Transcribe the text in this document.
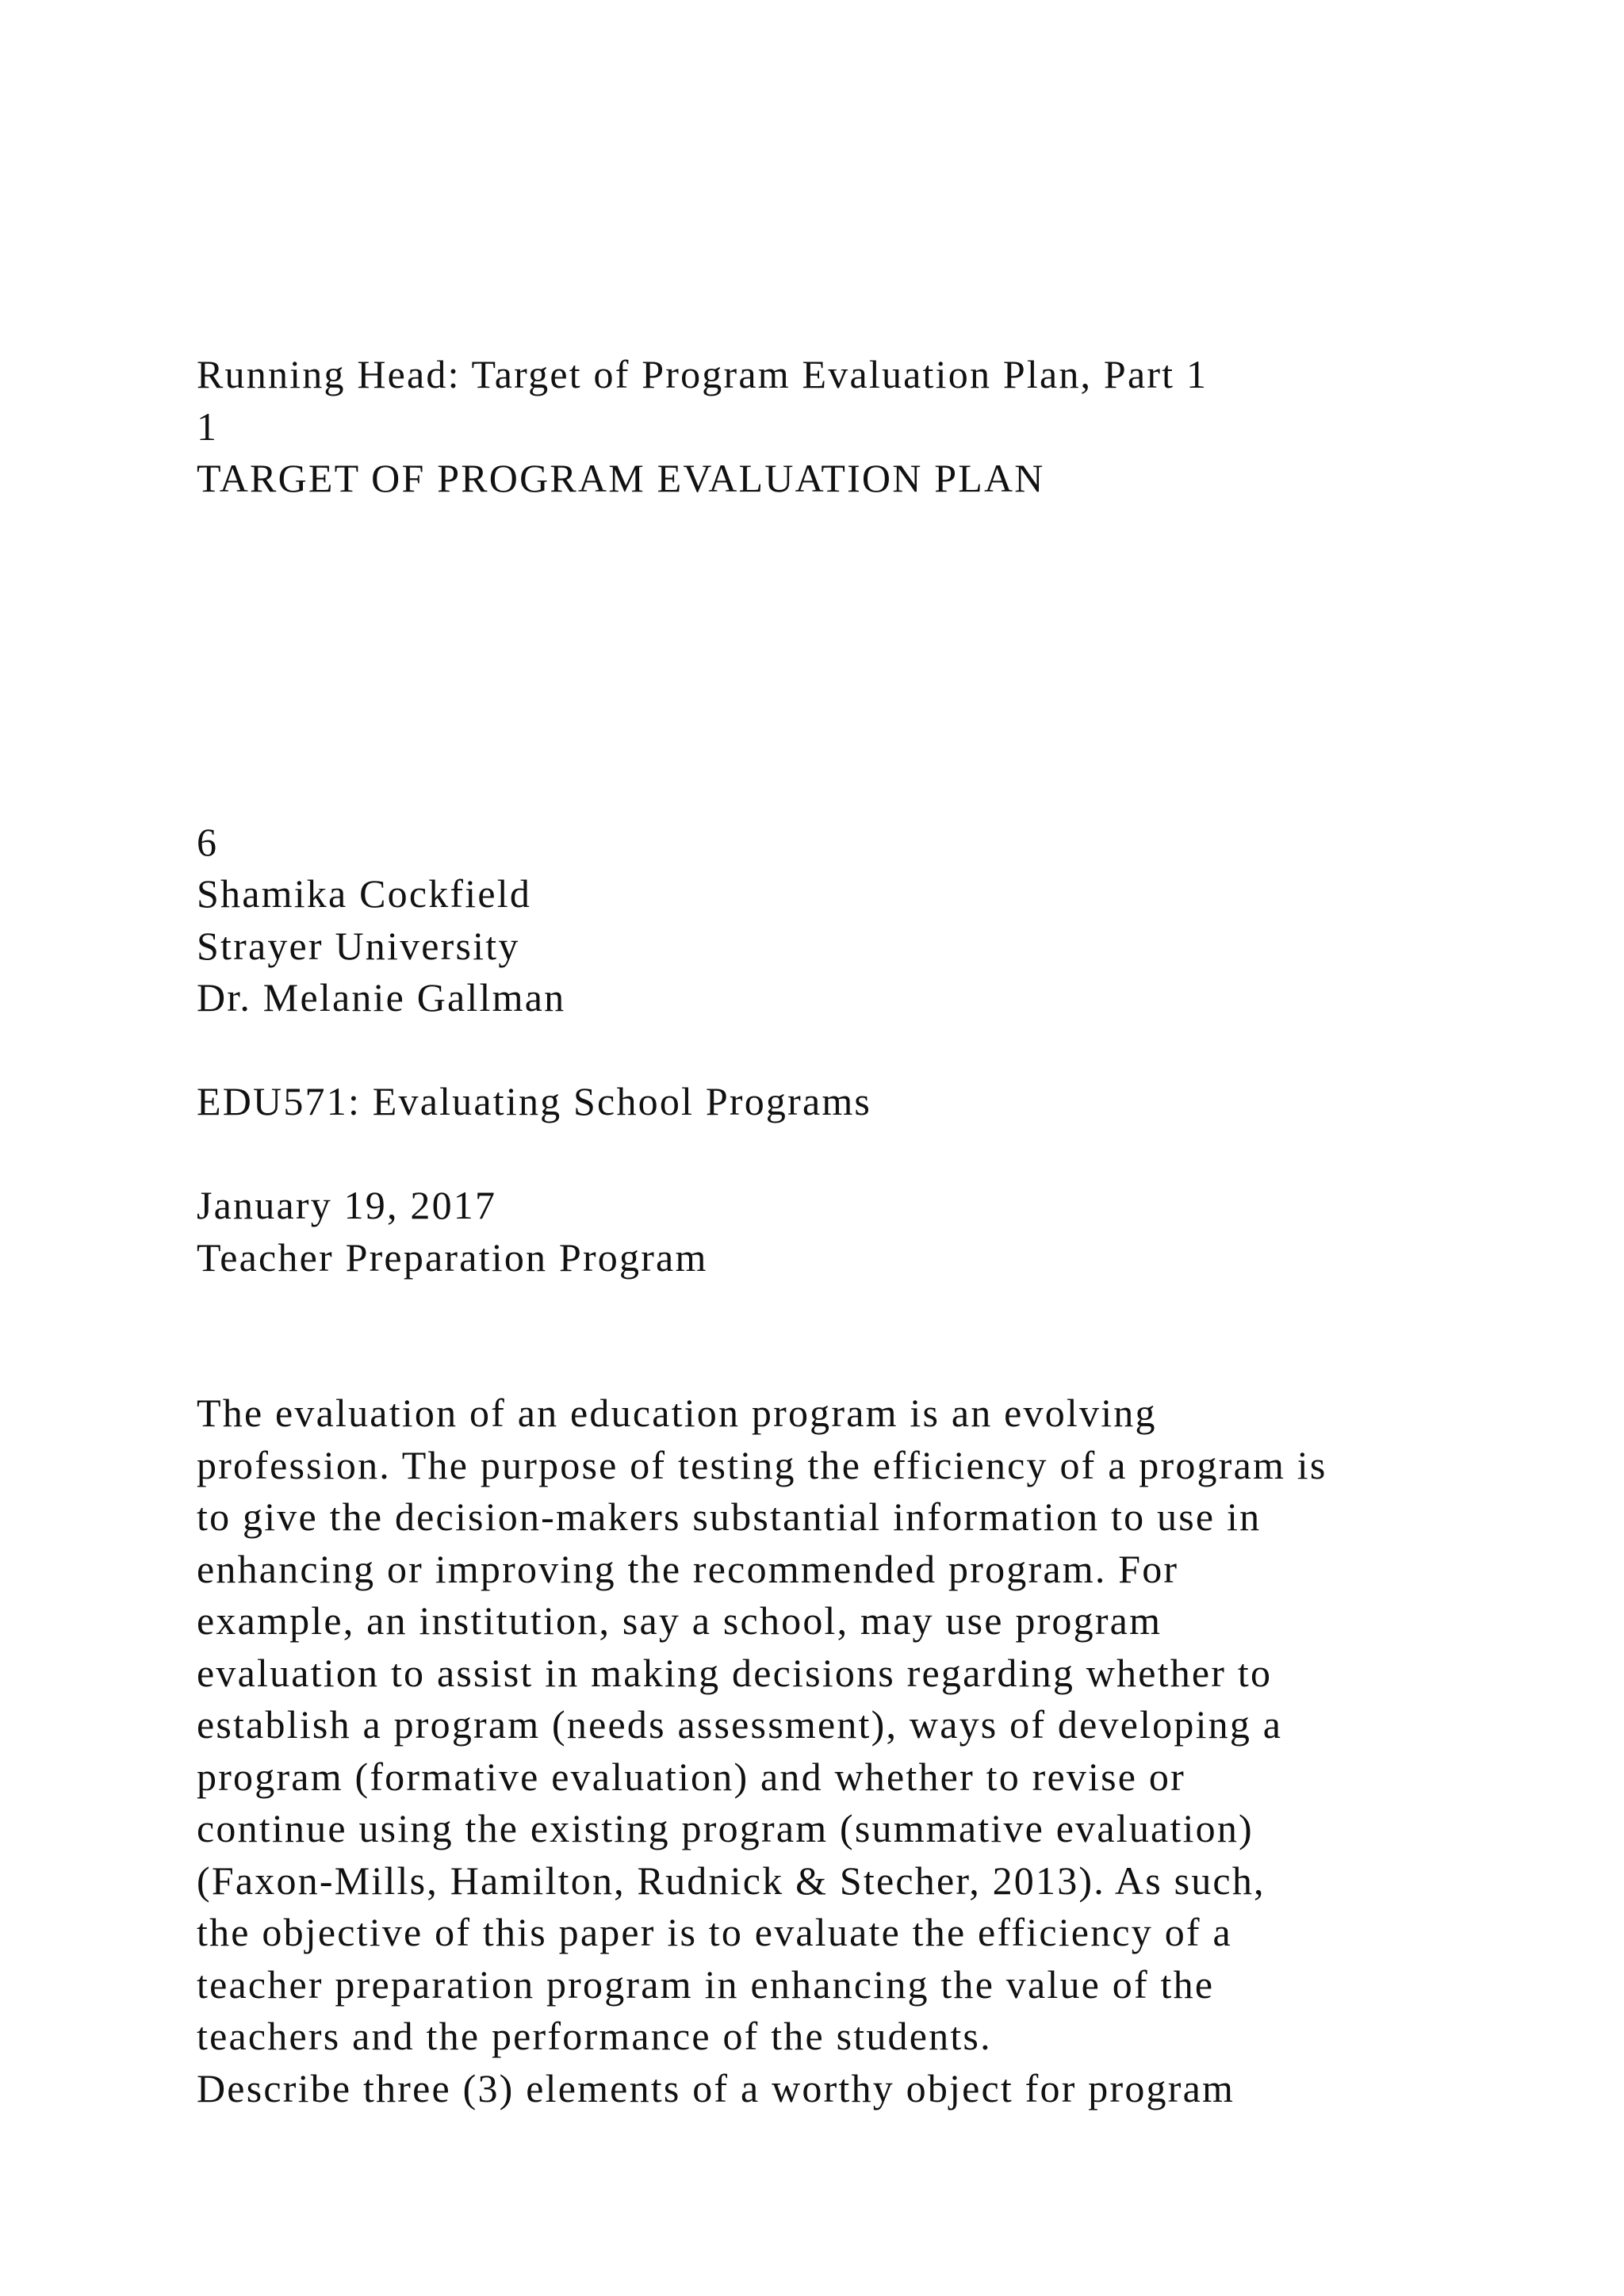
Running Head: Target of Program Evaluation Plan, Part 1
1
TARGET OF PROGRAM EVALUATION PLAN
6
Shamika Cockfield
Strayer University
Dr. Melanie Gallman
EDU571: Evaluating School Programs
January 19, 2017
Teacher Preparation Program
The evaluation of an education program is an evolving
profession. The purpose of testing the efficiency of a program is
to give the decision-makers substantial information to use in
enhancing or improving the recommended program. For
example, an institution, say a school, may use program
evaluation to assist in making decisions regarding whether to
establish a program (needs assessment), ways of developing a
program (formative evaluation) and whether to revise or
continue using the existing program (summative evaluation)
(Faxon-Mills, Hamilton, Rudnick & Stecher, 2013). As such,
the objective of this paper is to evaluate the efficiency of a
teacher preparation program in enhancing the value of the
teachers and the performance of the students.
Describe three (3) elements of a worthy object for program
